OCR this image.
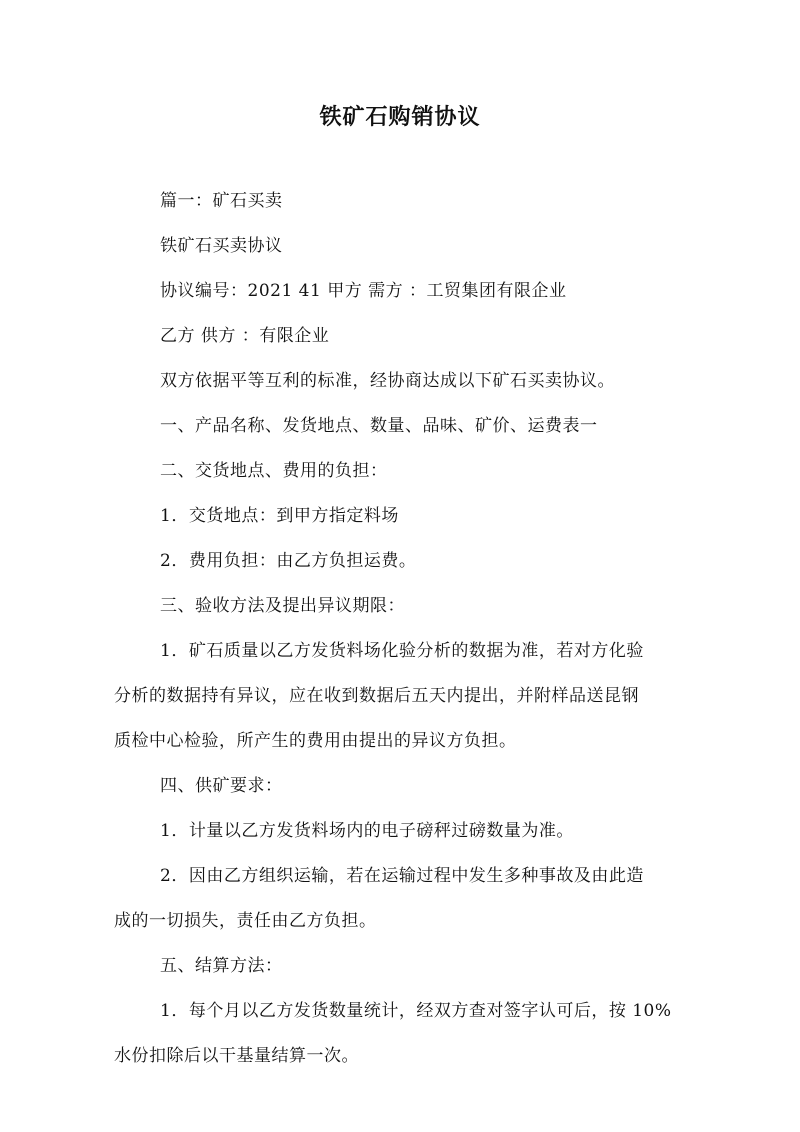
铁矿石购销协议
篇一：矿石买卖
铁矿石买卖协议
协议编号：2021 41 甲方 需方 ：工贸集团有限企业
乙方 供方 ：有限企业
双方依据平等互利的标准，经协商达成以下矿石买卖协议。
一、产品名称、发货地点、数量、品味、矿价、运费表一
二、交货地点、费用的负担：
1．交货地点：到甲方指定料场
2．费用负担：由乙方负担运费。
三、验收方法及提出异议期限：
1．矿石质量以乙方发货料场化验分析的数据为准，若对方化验
分析的数据持有异议，应在收到数据后五天内提出，并附样品送昆钢
质检中心检验，所产生的费用由提出的异议方负担。
四、供矿要求：
1．计量以乙方发货料场内的电子磅秤过磅数量为准。
2．因由乙方组织运输，若在运输过程中发生多种事故及由此造
成的一切损失，责任由乙方负担。
五、结算方法：
1．每个月以乙方发货数量统计，经双方查对签字认可后，按 10%
水份扣除后以干基量结算一次。
